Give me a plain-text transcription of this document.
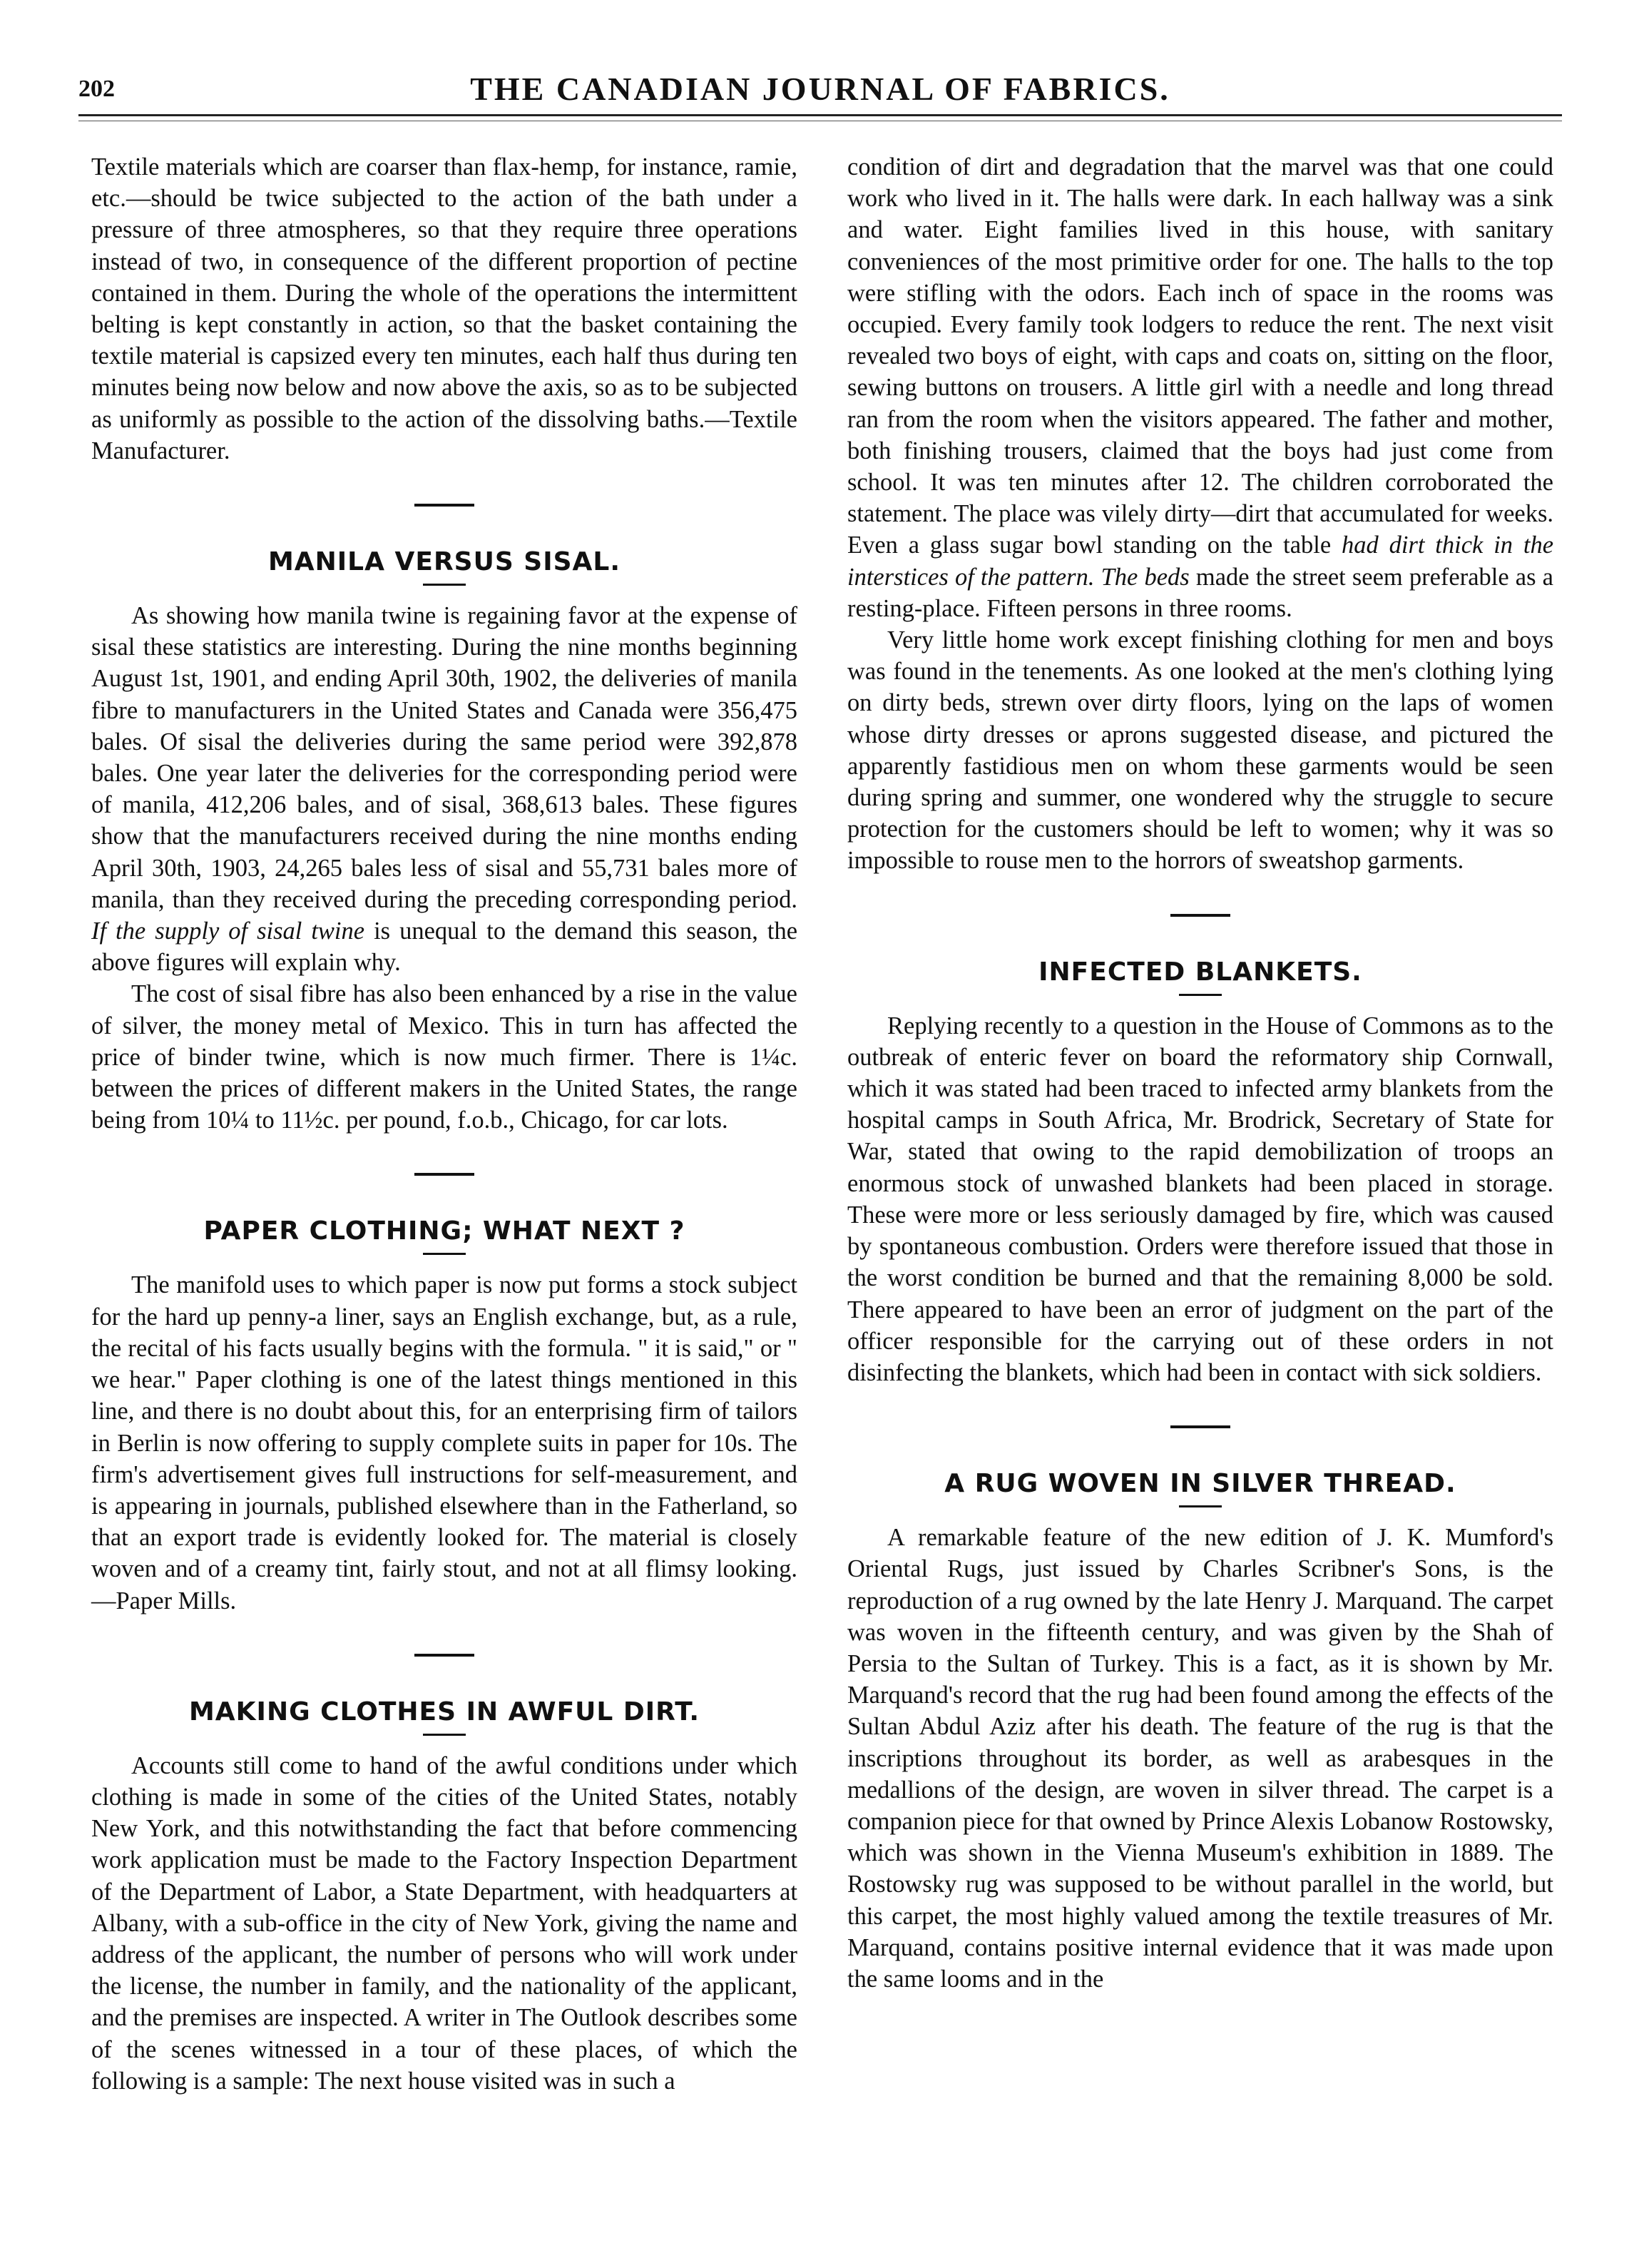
202	THE CANADIAN JOURNAL OF FABRICS.

Textile materials which are coarser than flax-hemp, for instance, ramie, etc.—should be twice subjected to the action of the bath under a pressure of three atmospheres, so that they require three operations instead of two, in consequence of the different proportion of pectine contained in them. During the whole of the operations the intermittent belting is kept constantly in action, so that the basket containing the textile material is capsized every ten minutes, each half thus during ten minutes being now below and now above the axis, so as to be subjected as uniformly as possible to the action of the dissolving baths.—Textile Manufacturer.

MANILA VERSUS SISAL.

As showing how manila twine is regaining favor at the expense of sisal these statistics are interesting. During the nine months beginning August 1st, 1901, and ending April 30th, 1902, the deliveries of manila fibre to manufacturers in the United States and Canada were 356,475 bales. Of sisal the deliveries during the same period were 392,878 bales. One year later the deliveries for the corresponding period were of manila, 412,206 bales, and of sisal, 368,613 bales. These figures show that the manufacturers received during the nine months ending April 30th, 1903, 24,265 bales less of sisal and 55,731 bales more of manila, than they received during the preceding corresponding period. If the supply of sisal twine is unequal to the demand this season, the above figures will explain why.

The cost of sisal fibre has also been enhanced by a rise in the value of silver, the money metal of Mexico. This in turn has affected the price of binder twine, which is now much firmer. There is 1¼c. between the prices of different makers in the United States, the range being from 10¼ to 11½c. per pound, f.o.b., Chicago, for car lots.

PAPER CLOTHING; WHAT NEXT ?

The manifold uses to which paper is now put forms a stock subject for the hard up penny-a liner, says an English exchange, but, as a rule, the recital of his facts usually begins with the formula. " it is said," or " we hear." Paper clothing is one of the latest things mentioned in this line, and there is no doubt about this, for an enterprising firm of tailors in Berlin is now offering to supply complete suits in paper for 10s. The firm's advertisement gives full instructions for self-measurement, and is appearing in journals, published elsewhere than in the Fatherland, so that an export trade is evidently looked for. The material is closely woven and of a creamy tint, fairly stout, and not at all flimsy looking.—Paper Mills.

MAKING CLOTHES IN AWFUL DIRT.

Accounts still come to hand of the awful conditions under which clothing is made in some of the cities of the United States, notably New York, and this notwithstanding the fact that before commencing work application must be made to the Factory Inspection Department of the Department of Labor, a State Department, with headquarters at Albany, with a sub-office in the city of New York, giving the name and address of the applicant, the number of persons who will work under the license, the number in family, and the nationality of the applicant, and the premises are inspected. A writer in The Outlook describes some of the scenes witnessed in a tour of these places, of which the following is a sample: The next house visited was in such a

condition of dirt and degradation that the marvel was that one could work who lived in it. The halls were dark. In each hallway was a sink and water. Eight families lived in this house, with sanitary conveniences of the most primitive order for one. The halls to the top were stifling with the odors. Each inch of space in the rooms was occupied. Every family took lodgers to reduce the rent. The next visit revealed two boys of eight, with caps and coats on, sitting on the floor, sewing buttons on trousers. A little girl with a needle and long thread ran from the room when the visitors appeared. The father and mother, both finishing trousers, claimed that the boys had just come from school. It was ten minutes after 12. The children corroborated the statement. The place was vilely dirty—dirt that accumulated for weeks. Even a glass sugar bowl standing on the table had dirt thick in the interstices of the pattern. The beds made the street seem preferable as a resting-place. Fifteen persons in three rooms.

Very little home work except finishing clothing for men and boys was found in the tenements. As one looked at the men's clothing lying on dirty beds, strewn over dirty floors, lying on the laps of women whose dirty dresses or aprons suggested disease, and pictured the apparently fastidious men on whom these garments would be seen during spring and summer, one wondered why the struggle to secure protection for the customers should be left to women; why it was so impossible to rouse men to the horrors of sweatshop garments.

INFECTED BLANKETS.

Replying recently to a question in the House of Commons as to the outbreak of enteric fever on board the reformatory ship Cornwall, which it was stated had been traced to infected army blankets from the hospital camps in South Africa, Mr. Brodrick, Secretary of State for War, stated that owing to the rapid demobilization of troops an enormous stock of unwashed blankets had been placed in storage. These were more or less seriously damaged by fire, which was caused by spontaneous combustion. Orders were therefore issued that those in the worst condition be burned and that the remaining 8,000 be sold. There appeared to have been an error of judgment on the part of the officer responsible for the carrying out of these orders in not disinfecting the blankets, which had been in contact with sick soldiers.

A RUG WOVEN IN SILVER THREAD.

A remarkable feature of the new edition of J. K. Mumford's Oriental Rugs, just issued by Charles Scribner's Sons, is the reproduction of a rug owned by the late Henry J. Marquand. The carpet was woven in the fifteenth century, and was given by the Shah of Persia to the Sultan of Turkey. This is a fact, as it is shown by Mr. Marquand's record that the rug had been found among the effects of the Sultan Abdul Aziz after his death. The feature of the rug is that the inscriptions throughout its border, as well as arabesques in the medallions of the design, are woven in silver thread. The carpet is a companion piece for that owned by Prince Alexis Lobanow Rostowsky, which was shown in the Vienna Museum's exhibition in 1889. The Rostowsky rug was supposed to be without parallel in the world, but this carpet, the most highly valued among the textile treasures of Mr. Marquand, contains positive internal evidence that it was made upon the same looms and in the
